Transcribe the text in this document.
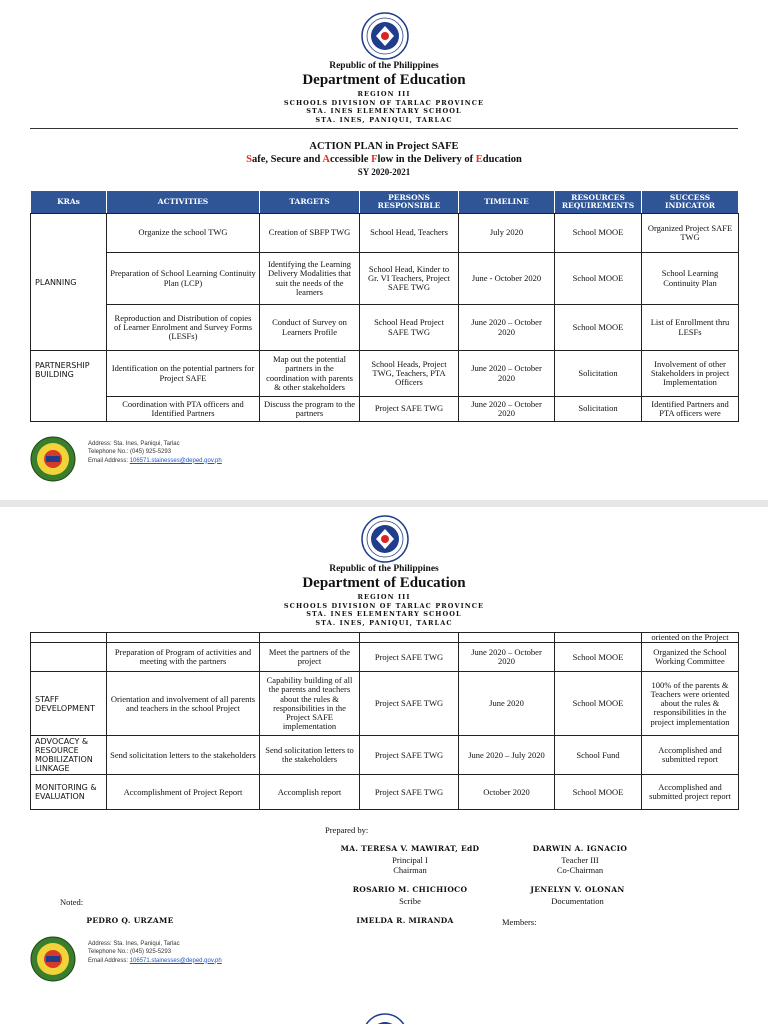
Republic of the Philippines
Department of Education
REGION III
SCHOOLS DIVISION OF TARLAC PROVINCE
STA. INES ELEMENTARY SCHOOL
STA. INES, PANIQUI, TARLAC
ACTION PLAN in Project SAFE
Safe, Secure and Accessible Flow in the Delivery of Education
SY 2020-2021
KRAs	ACTIVITIES	TARGETS	PERSONS RESPONSIBLE	TIMELINE	RESOURCES REQUIREMENTS	SUCCESS INDICATOR
PLANNING	Organize the school TWG	Creation of SBFP TWG	School Head, Teachers	July 2020	School MOOE	Organized Project SAFE TWG
	Preparation of School Learning Continuity Plan (LCP)	Identifying the Learning Delivery Modalities that suit the needs of the learners	School Head, Kinder to Gr. VI Teachers, Project SAFE TWG	June - October 2020	School MOOE	School Learning Continuity Plan
	Reproduction and Distribution of copies of Learner Enrolment and Survey Forms (LESFs)	Conduct of Survey on Learners Profile	School Head Project SAFE TWG	June 2020 – October 2020	School MOOE	List of Enrollment thru LESFs
PARTNERSHIP BUILDING	Identification on the potential partners for Project SAFE	Map out the potential partners in the coordination with parents & other stakeholders	School Heads, Project TWG, Teachers, PTA Officers	June 2020 – October 2020	Solicitation	Involvement of other Stakeholders in project Implementation
	Coordination with PTA officers and Identified Partners	Discuss the program to the partners	Project SAFE TWG	June 2020 – October 2020	Solicitation	Identified Partners and PTA officers were
Address: Sta. Ines, Paniqui, Tarlac
Telephone No.: (045) 925-5293
Email Address: 106571.stainesses@deped.gov.ph
Republic of the Philippines
Department of Education
REGION III
SCHOOLS DIVISION OF TARLAC PROVINCE
STA. INES ELEMENTARY SCHOOL
STA. INES, PANIQUI, TARLAC
						oriented on the Project
	Preparation of Program of activities and meeting with the partners	Meet the partners of the project	Project SAFE TWG	June 2020 – October 2020	School MOOE	Organized the School Working Committee
STAFF DEVELOPMENT	Orientation and involvement of all parents and teachers in the school Project	Capability building of all the parents and teachers about the rules & responsibilities in the Project SAFE implementation	Project SAFE TWG	June 2020	School MOOE	100% of the parents & Teachers were oriented about the rules & responsibilities in the project implementation
ADVOCACY & RESOURCE MOBILIZATION LINKAGE	Send solicitation letters to the stakeholders	Send solicitation letters to the stakeholders	Project SAFE TWG	June 2020 – July 2020	School Fund	Accomplished and submitted report
MONITORING & EVALUATION	Accomplishment of Project Report	Accomplish report	Project SAFE TWG	October 2020	School MOOE	Accomplished and submitted project report
Prepared by:
MA. TERESA V. MAWIRAT, EdD
Principal I
Chairman
DARWIN A. IGNACIO
Teacher III
Co-Chairman
ROSARIO M. CHICHIOCO
Scribe
JENELYN V. OLONAN
Documentation
Noted:
PEDRO Q. URZAME	IMELDA R. MIRANDA	Members:
Address: Sta. Ines, Paniqui, Tarlac
Telephone No.: (045) 925-5293
Email Address: 106571.stainesses@deped.gov.ph
